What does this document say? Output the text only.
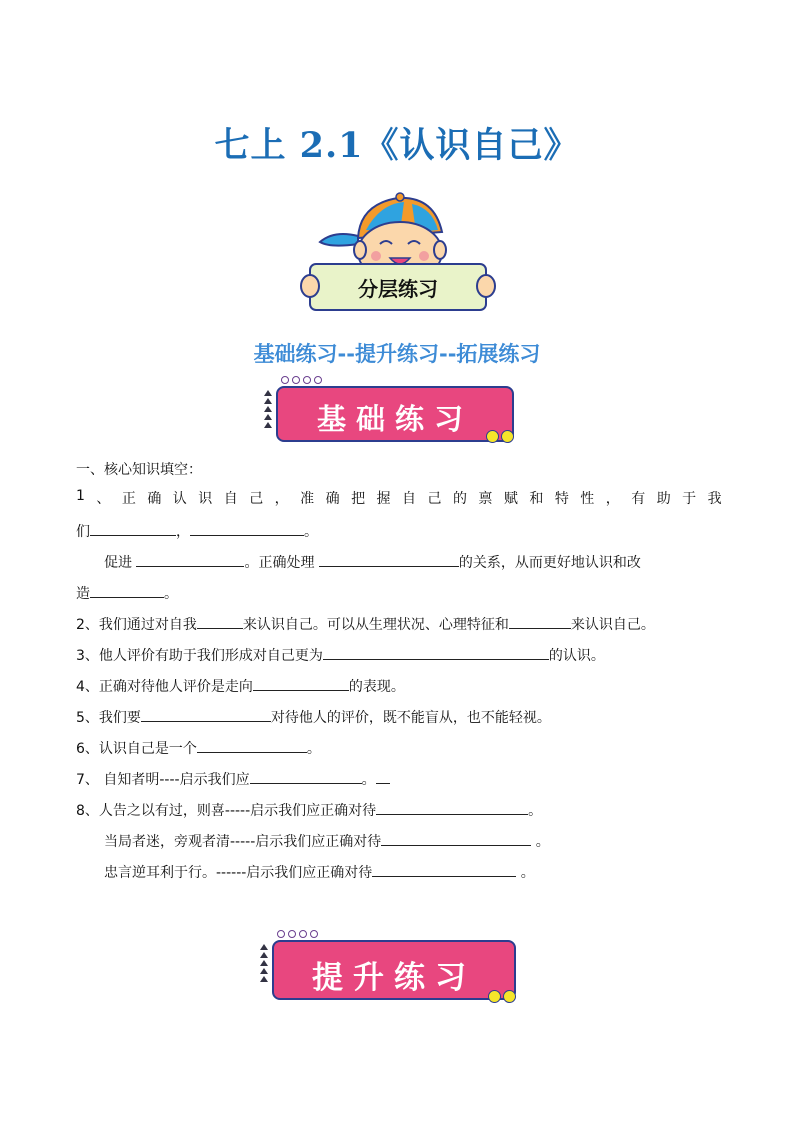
七上 2.1《认识自己》
分层练习
基础练习--提升练习--拓展练习
基础练习
一、核心知识填空：
1 、 正 确 认 识 自 己 ， 准 确 把 握 自 己 的 禀 赋 和 特 性 ， 有 助 于 我
们	，	。
促进	。正确处理	的关系，从而更好地认识和改
造	。
2、我们通过对自我	来认识自己。可以从生理状况、心理特征和	来认识自己。
3、他人评价有助于我们形成对自己更为	的认识。
4、正确对待他人评价是走向	的表现。
5、我们要	对待他人的评价，既不能盲从，也不能轻视。
6、认识自己是一个	。
7、 自知者明----启示我们应	。
8、人告之以有过，则喜-----启示我们应正确对待	。
当局者迷，旁观者清-----启示我们应正确对待	。
忠言逆耳利于行。------启示我们应正确对待	。
提升练习
